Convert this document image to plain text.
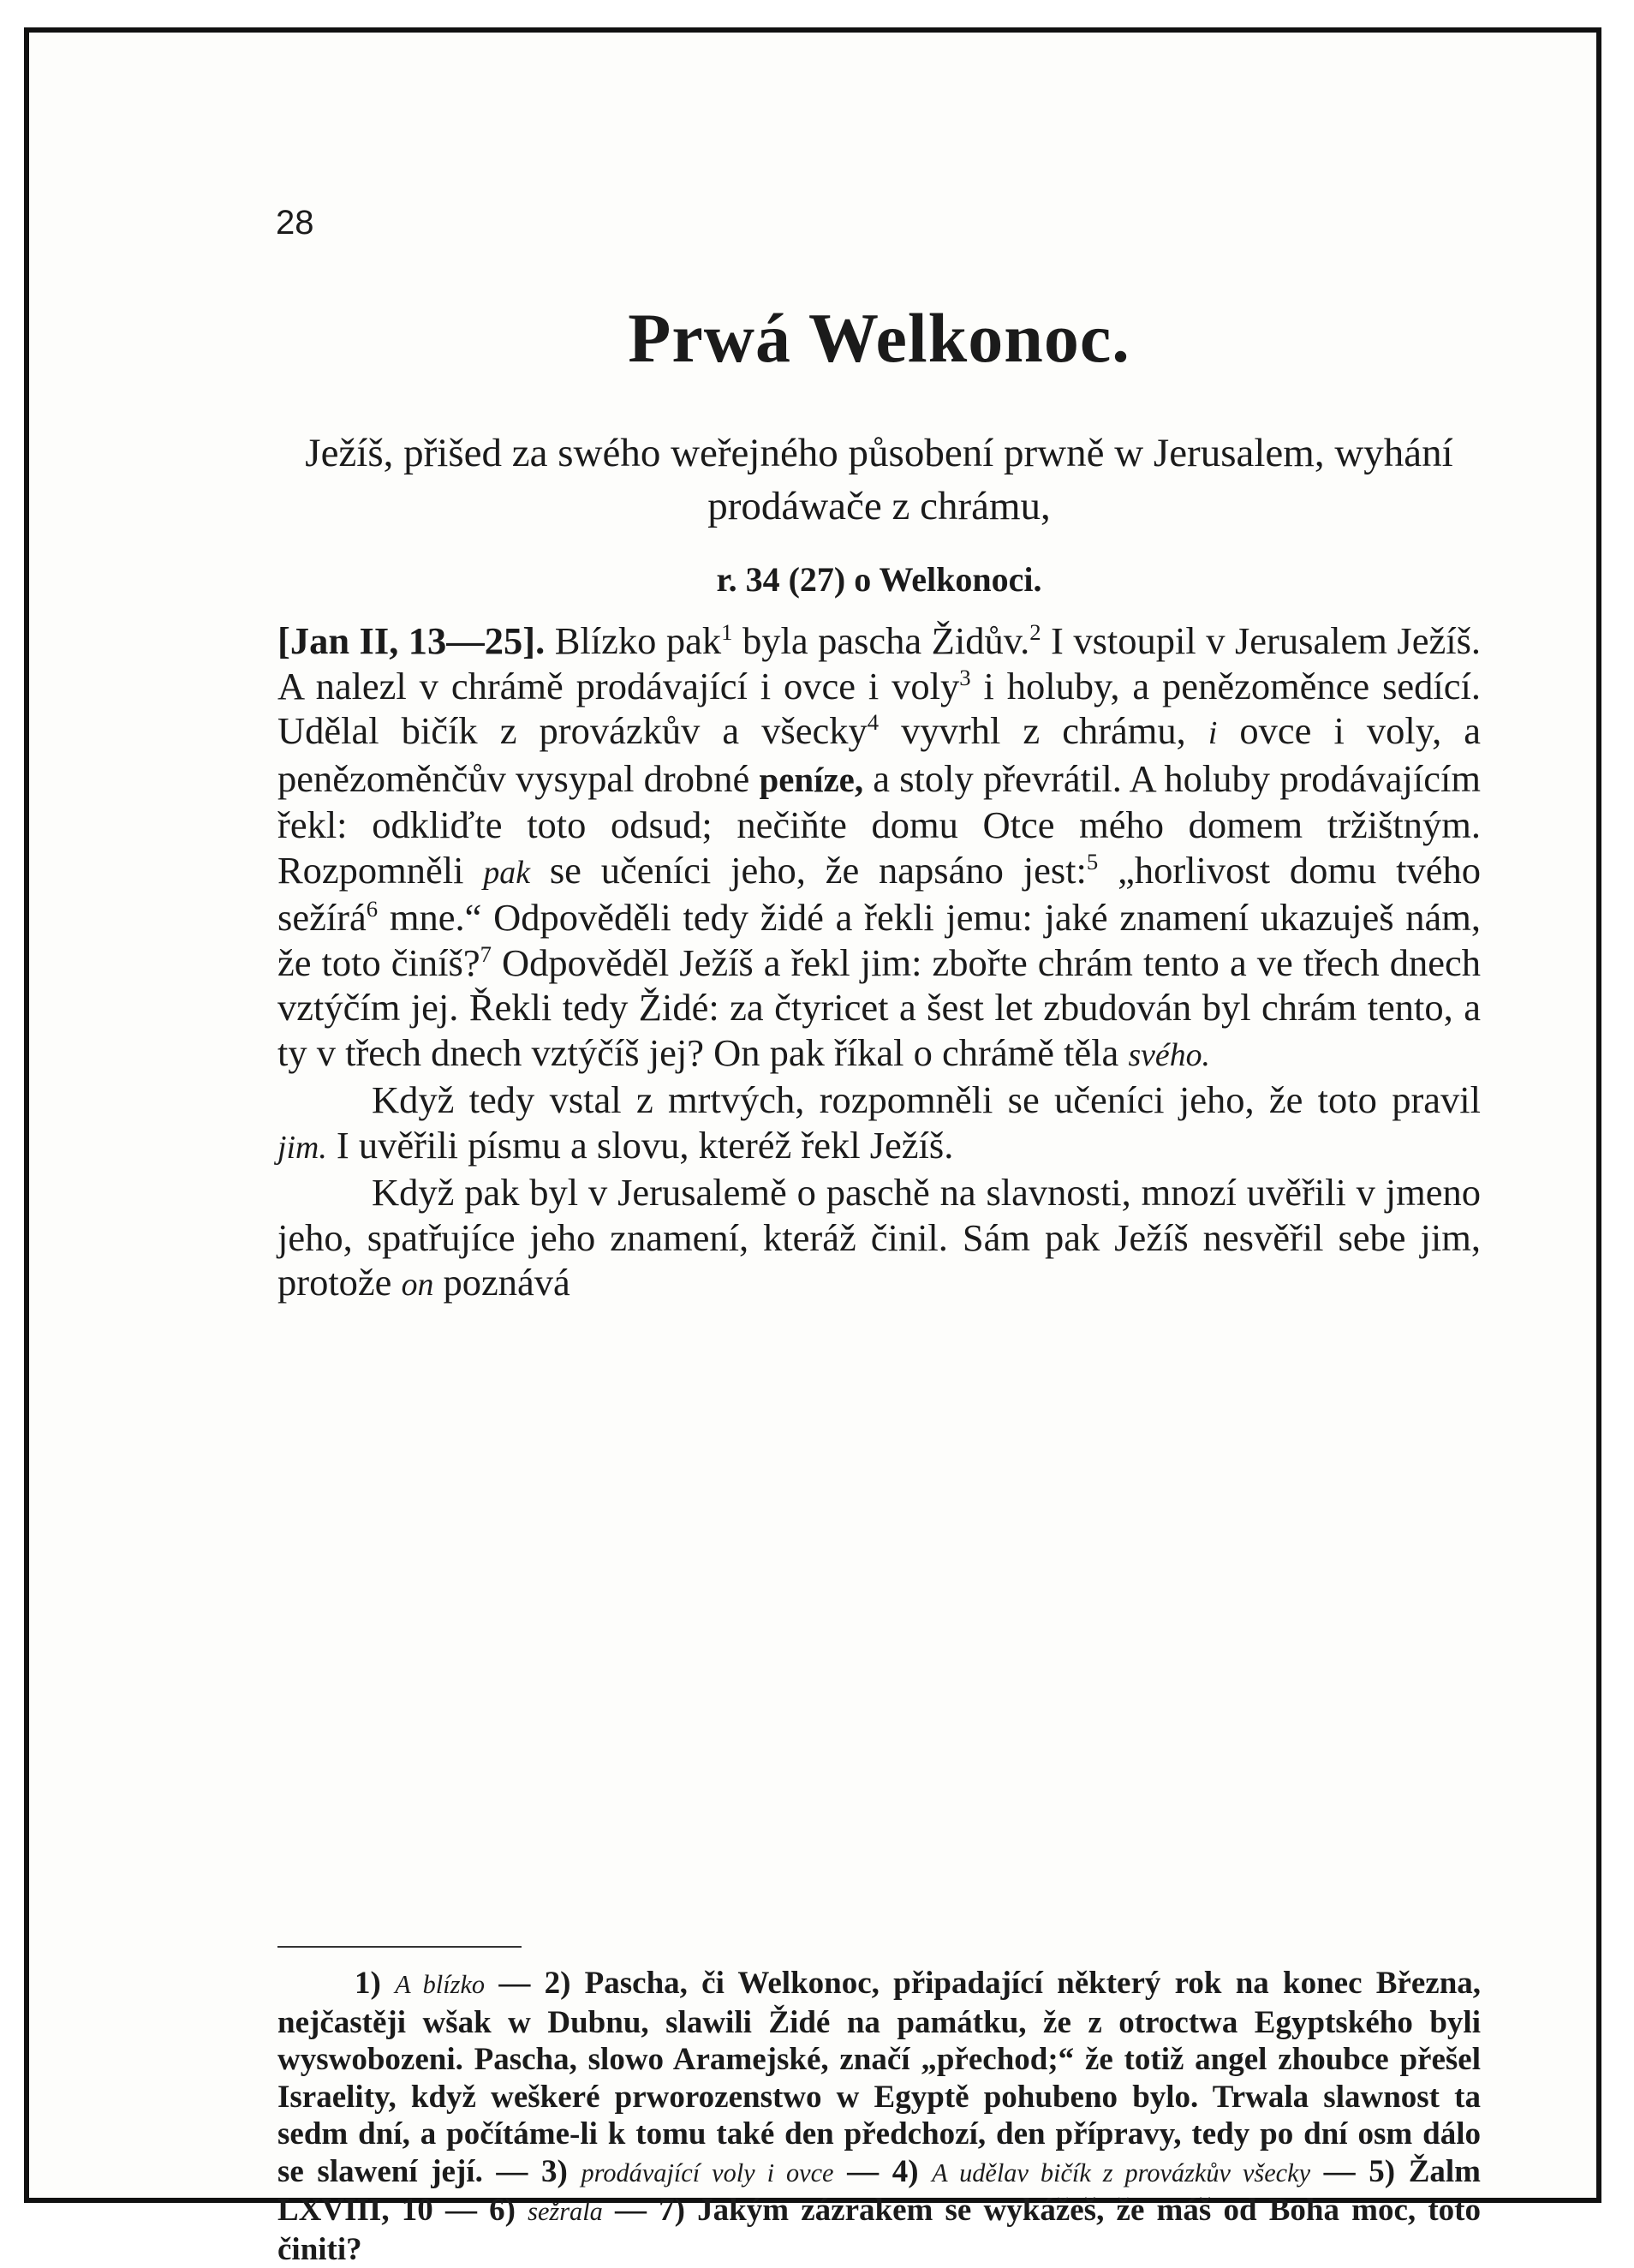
28
Prwá Welkonoc.
Ježíš, přišed za swého weřejného působení prwně w Jerusalem, wyhání prodáwače z chrámu,
r. 34 (27) o Welkonoci.

[Jan II, 13—25]. Blízko pak$^1$ byla pascha Židův.$^2$ I vstoupil v Jerusalem Ježíš. A nalezl v chrámě prodávající i ovce i voly$^3$ i holuby, a penězoměnce sedící. Udělal bičík z provázkův a všecky$^4$ vyvrhl z chrámu, i ovce i voly, a penězoměnčův vysypal drobné peníze, a stoly převrátil. A holuby prodávajícím řekl: odkliďte toto odsud; nečiňte domu Otce mého domem tržištným. Rozpomněli pak se učeníci jeho, že napsáno jest:$^5$ „horlivost domu tvého sežírá$^6$ mne.“ Odpověděli tedy židé a řekli jemu: jaké znamení ukazuješ nám, že toto činíš?$^7$ Odpověděl Ježíš a řekl jim: zbořte chrám tento a ve třech dnech vztýčím jej. Řekli tedy Židé: za čtyricet a šest let zbudován byl chrám tento, a ty v třech dnech vztýčíš jej? On pak říkal o chrámě těla svého.

Když tedy vstal z mrtvých, rozpomněli se učeníci jeho, že toto pravil jim. I uvěřili písmu a slovu, kteréž řekl Ježíš.

Když pak byl v Jerusalemě o paschě na slavnosti, mnozí uvěřili v jmeno jeho, spatřujíce jeho znamení, kteráž činil. Sám pak Ježíš nesvěřil sebe jim, protože on poznává

1) A blízko — 2) Pascha, či Welkonoc, připadající některý rok na konec Března, nejčastěji wšak w Dubnu, slawili Židé na památku, že z otroctwa Egyptského byli wyswobozeni. Pascha, slowo Aramejské, značí „přechod;“ že totiž angel zhoubce přešel Israelity, když weškeré prworozenstwo w Egyptě pohubeno bylo. Trwala slawnost ta sedm dní, a počítáme-li k tomu také den předchozí, den přípravy, tedy po dní osm dálo se slawení její. — 3) prodávající voly i ovce — 4) A udělav bičík z provázkův všecky — 5) Žalm LXVIII, 10 — 6) sežrala — 7) Jakým zázrakem se wykážeš, že máš od Boha moc, toto činiti?
